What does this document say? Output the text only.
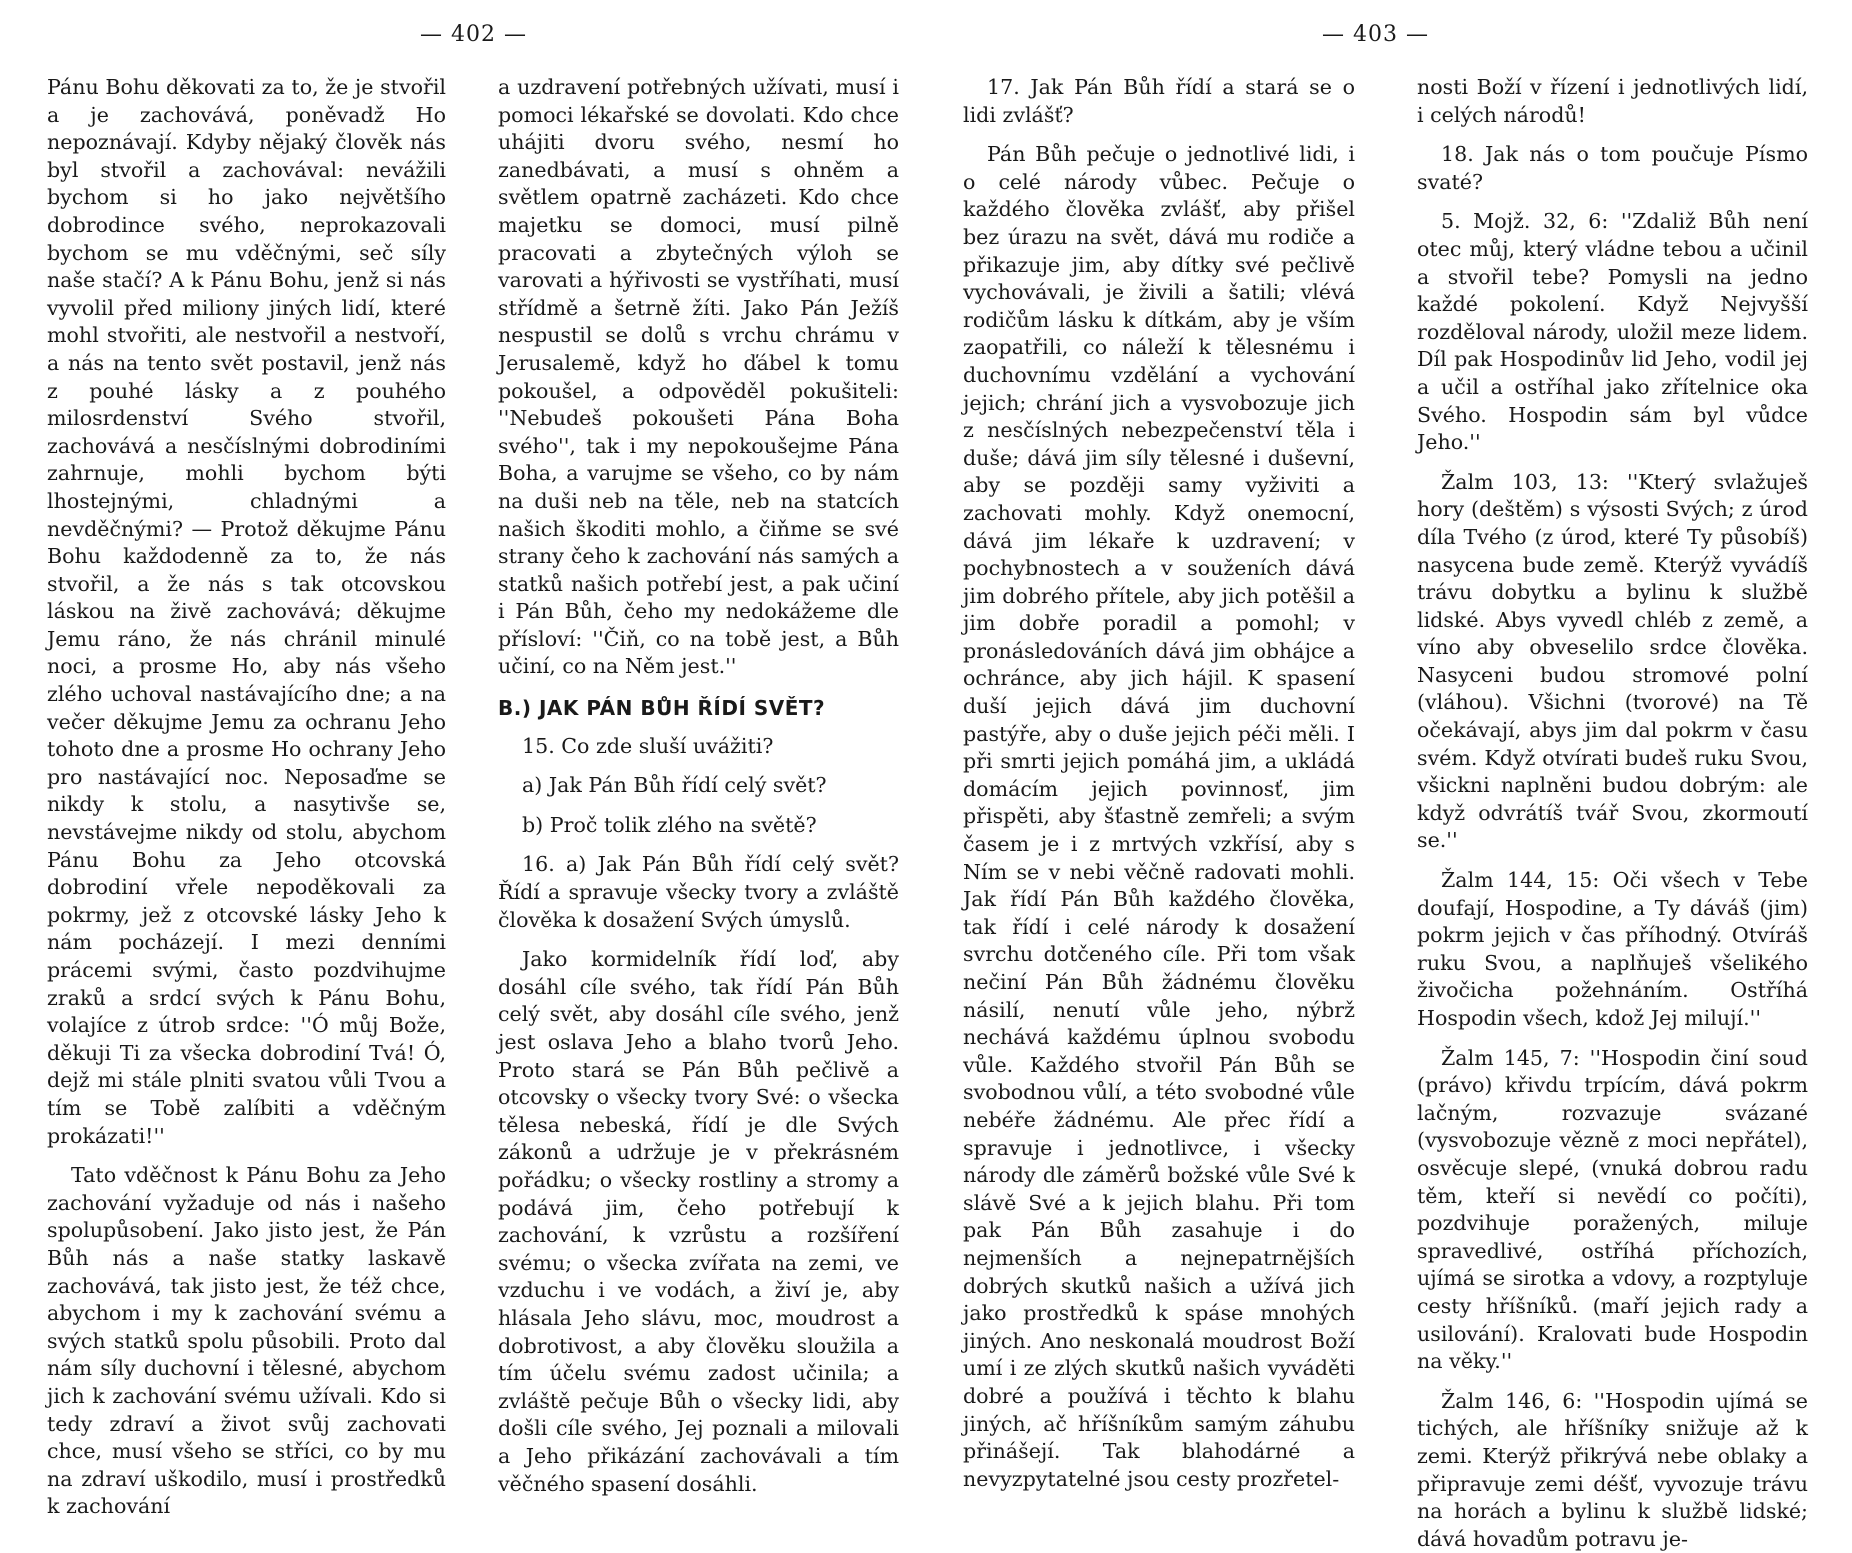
— 402 —

Pánu Bohu děkovati za to, že je stvořil a je zachovává, poněvadž Ho nepoznávají. Kdyby nějaký člověk nás byl stvořil a zachovával: nevážili bychom si ho jako největšího dobrodince svého, neprokazovali bychom se mu vděčnými, seč síly naše stačí? A k Pánu Bohu, jenž si nás vyvolil před miliony jiných lidí, které mohl stvořiti, ale nestvořil a nestvoří, a nás na tento svět postavil, jenž nás z pouhé lásky a z pouhého milosrdenství Svého stvořil, zachovává a nesčíslnými dobrodiními zahrnuje, mohli bychom býti lhostejnými, chladnými a nevděčnými? — Protož děkujme Pánu Bohu každodenně za to, že nás stvořil, a že nás s tak otcovskou láskou na živě zachovává; děkujme Jemu ráno, že nás chránil minulé noci, a prosme Ho, aby nás všeho zlého uchoval nastávajícího dne; a na večer děkujme Jemu za ochranu Jeho tohoto dne a prosme Ho ochrany Jeho pro nastávající noc. Neposaďme se nikdy k stolu, a nasytivše se, nevstávejme nikdy od stolu, abychom Pánu Bohu za Jeho otcovská dobrodiní vřele nepoděkovali za pokrmy, jež z otcovské lásky Jeho k nám pocházejí. I mezi denními prácemi svými, často pozdvihujme zraků a srdcí svých k Pánu Bohu, volajíce z útrob srdce: ''Ó můj Bože, děkuji Ti za všecka dobrodiní Tvá! Ó, dejž mi stále plniti svatou vůli Tvou a tím se Tobě zalíbiti a vděčným prokázati!''

Tato vděčnost k Pánu Bohu za Jeho zachování vyžaduje od nás i našeho spolupůsobení. Jako jisto jest, že Pán Bůh nás a naše statky laskavě zachovává, tak jisto jest, že též chce, abychom i my k zachování svému a svých statků spolu působili. Proto dal nám síly duchovní i tělesné, abychom jich k zachování svému užívali. Kdo si tedy zdraví a život svůj zachovati chce, musí všeho se stříci, co by mu na zdraví uškodilo, musí i prostředků k zachování

a uzdravení potřebných užívati, musí i pomoci lékařské se dovolati. Kdo chce uhájiti dvoru svého, nesmí ho zanedbávati, a musí s ohněm a světlem opatrně zacházeti. Kdo chce majetku se domoci, musí pilně pracovati a zbytečných výloh se varovati a hýřivosti se vystříhati, musí střídmě a šetrně žíti. Jako Pán Ježíš nespustil se dolů s vrchu chrámu v Jerusalemě, když ho ďábel k tomu pokoušel, a odpověděl pokušiteli: ''Nebudeš pokoušeti Pána Boha svého'', tak i my nepokoušejme Pána Boha, a varujme se všeho, co by nám na duši neb na těle, neb na statcích našich škoditi mohlo, a čiňme se své strany čeho k zachování nás samých a statků našich potřebí jest, a pak učiní i Pán Bůh, čeho my nedokážeme dle přísloví: ''Čiň, co na tobě jest, a Bůh učiní, co na Něm jest.''

B.) JAK PÁN BŮH ŘÍDÍ SVĚT?

15. Co zde sluší uvážiti?

a) Jak Pán Bůh řídí celý svět?

b) Proč tolik zlého na světě?

16. a) Jak Pán Bůh řídí celý svět? Řídí a spravuje všecky tvory a zvláště člověka k dosažení Svých úmyslů.

Jako kormidelník řídí loď, aby dosáhl cíle svého, tak řídí Pán Bůh celý svět, aby dosáhl cíle svého, jenž jest oslava Jeho a blaho tvorů Jeho. Proto stará se Pán Bůh pečlivě a otcovsky o všecky tvory Své: o všecka tělesa nebeská, řídí je dle Svých zákonů a udržuje je v překrásném pořádku; o všecky rostliny a stromy a podává jim, čeho potřebují k zachování, k vzrůstu a rozšíření svému; o všecka zvířata na zemi, ve vzduchu i ve vodách, a živí je, aby hlásala Jeho slávu, moc, moudrost a dobrotivost, a aby člověku sloužila a tím účelu svému zadost učinila; a zvláště pečuje Bůh o všecky lidi, aby došli cíle svého, Jej poznali a milovali a Jeho přikázání zachovávali a tím věčného spasení dosáhli.

— 403 —

17. Jak Pán Bůh řídí a stará se o lidi zvlášť?

Pán Bůh pečuje o jednotlivé lidi, i o celé národy vůbec. Pečuje o každého člověka zvlášť, aby přišel bez úrazu na svět, dává mu rodiče a přikazuje jim, aby dítky své pečlivě vychovávali, je živili a šatili; vlévá rodičům lásku k dítkám, aby je vším zaopatřili, co náleží k tělesnému i duchovnímu vzdělání a vychování jejich; chrání jich a vysvobozuje jich z nesčíslných nebezpečenství těla i duše; dává jim síly tělesné i duševní, aby se později samy vyživiti a zachovati mohly. Když onemocní, dává jim lékaře k uzdravení; v pochybnostech a v souženích dává jim dobrého přítele, aby jich potěšil a jim dobře poradil a pomohl; v pronásledováních dává jim obhájce a ochránce, aby jich hájil. K spasení duší jejich dává jim duchovní pastýře, aby o duše jejich péči měli. I při smrti jejich pomáhá jim, a ukládá domácím jejich povinnosť, jim přispěti, aby šťastně zemřeli; a svým časem je i z mrtvých vzkřísí, aby s Ním se v nebi věčně radovati mohli. Jak řídí Pán Bůh každého člověka, tak řídí i celé národy k dosažení svrchu dotčeného cíle. Při tom však nečiní Pán Bůh žádnému člověku násilí, nenutí vůle jeho, nýbrž nechává každému úplnou svobodu vůle. Každého stvořil Pán Bůh se svobodnou vůlí, a této svobodné vůle nebéře žádnému. Ale přec řídí a spravuje i jednotlivce, i všecky národy dle záměrů božské vůle Své k slávě Své a k jejich blahu. Při tom pak Pán Bůh zasahuje i do nejmenších a nejnepatrnějších dobrých skutků našich a užívá jich jako prostředků k spáse mnohých jiných. Ano neskonalá moudrost Boží umí i ze zlých skutků našich vyváděti dobré a používá i těchto k blahu jiných, ač hříšníkům samým záhubu přinášejí. Tak blahodárné a nevyzpytatelné jsou cesty prozřetel-

nosti Boží v řízení i jednotlivých lidí, i celých národů!

18. Jak nás o tom poučuje Písmo svaté?

5. Mojž. 32, 6: ''Zdaliž Bůh není otec můj, který vládne tebou a učinil a stvořil tebe? Pomysli na jedno každé pokolení. Když Nejvyšší rozděloval národy, uložil meze lidem. Díl pak Hospodinův lid Jeho, vodil jej a učil a ostříhal jako zřítelnice oka Svého. Hospodin sám byl vůdce Jeho.''

Žalm 103, 13: ''Který svlažuješ hory (deštěm) s výsosti Svých; z úrod díla Tvého (z úrod, které Ty působíš) nasycena bude země. Kterýž vyvádíš trávu dobytku a bylinu k službě lidské. Abys vyvedl chléb z země, a víno aby obveselilo srdce člověka. Nasyceni budou stromové polní (vláhou). Všichni (tvorové) na Tě očekávají, abys jim dal pokrm v času svém. Když otvírati budeš ruku Svou, všickni naplněni budou dobrým: ale když odvrátíš tvář Svou, zkormoutí se.''

Žalm 144, 15: Oči všech v Tebe doufají, Hospodine, a Ty dáváš (jim) pokrm jejich v čas příhodný. Otvíráš ruku Svou, a naplňuješ všelikého živočicha požehnáním. Ostříhá Hospodin všech, kdož Jej milují.''

Žalm 145, 7: ''Hospodin činí soud (právo) křivdu trpícím, dává pokrm lačným, rozvazuje svázané (vysvobozuje vězně z moci nepřátel), osvěcuje slepé, (vnuká dobrou radu těm, kteří si nevědí co počíti), pozdvihuje poražených, miluje spravedlivé, ostříhá příchozích, ujímá se sirotka a vdovy, a rozptyluje cesty hříšníků. (maří jejich rady a usilování). Kralovati bude Hospodin na věky.''

Žalm 146, 6: ''Hospodin ujímá se tichých, ale hříšníky snižuje až k zemi. Kterýž přikrývá nebe oblaky a připravuje zemi déšť, vyvozuje trávu na horách a bylinu k službě lidské; dává hovadům potravu je-
